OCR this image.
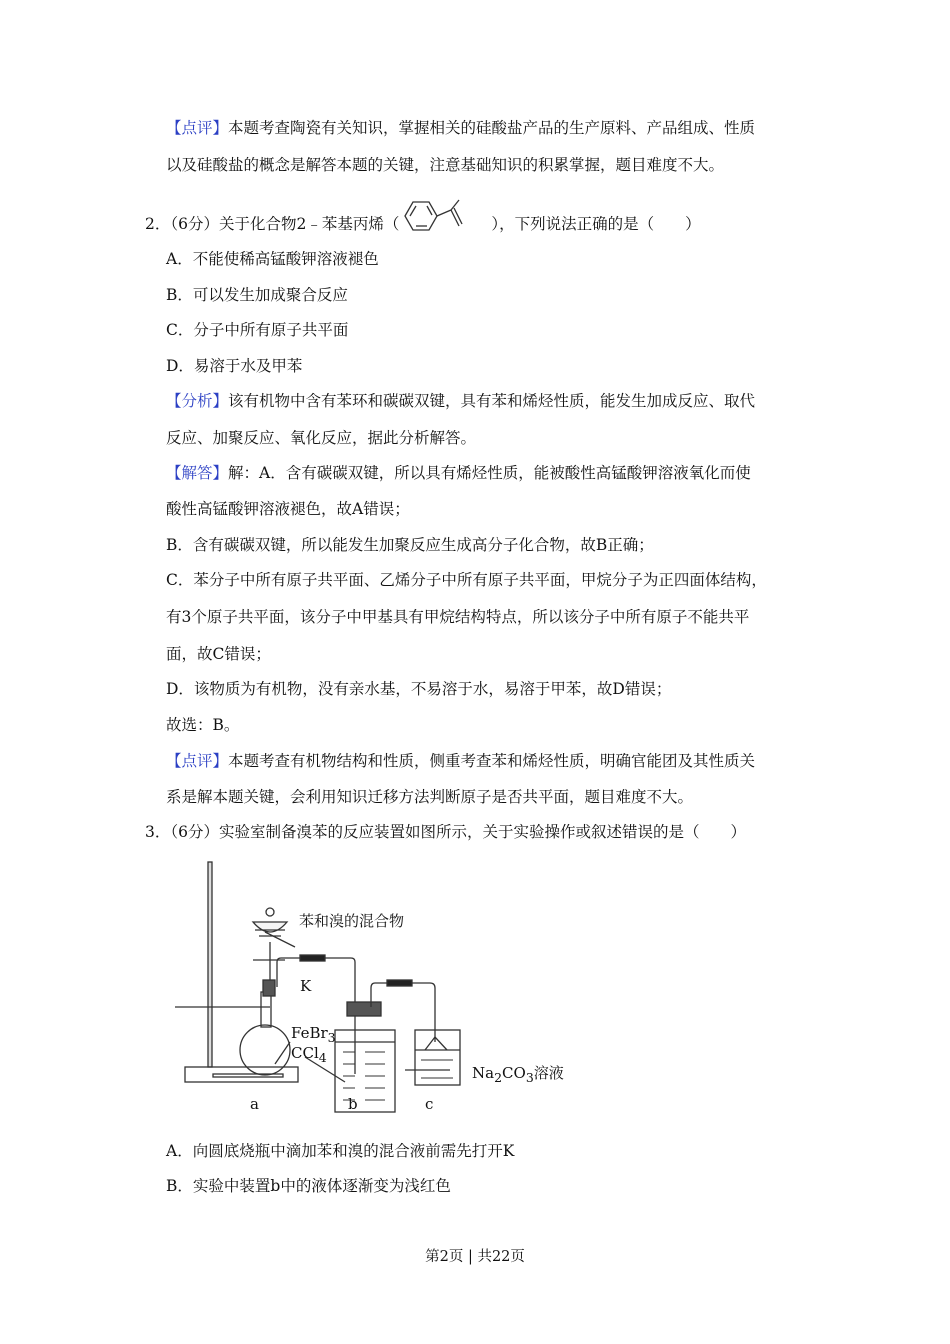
【点评】本题考查陶瓷有关知识，掌握相关的硅酸盐产品的生产原料、产品组成、性质
以及硅酸盐的概念是解答本题的关键，注意基础知识的积累掌握，题目难度不大。
2．（6分）关于化合物2﹣苯基丙烯（	），下列说法正确的是（　　）
A．不能使稀高锰酸钾溶液褪色
B．可以发生加成聚合反应
C．分子中所有原子共平面
D．易溶于水及甲苯
【分析】该有机物中含有苯环和碳碳双键，具有苯和烯烃性质，能发生加成反应、取代
反应、加聚反应、氧化反应，据此分析解答。
【解答】解：A．含有碳碳双键，所以具有烯烃性质，能被酸性高锰酸钾溶液氧化而使
酸性高锰酸钾溶液褪色，故A错误；
B．含有碳碳双键，所以能发生加聚反应生成高分子化合物，故B正确；
C．苯分子中所有原子共平面、乙烯分子中所有原子共平面，甲烷分子为正四面体结构，
有3个原子共平面，该分子中甲基具有甲烷结构特点，所以该分子中所有原子不能共平
面，故C错误；
D．该物质为有机物，没有亲水基，不易溶于水，易溶于甲苯，故D错误；
故选：B。
【点评】本题考查有机物结构和性质，侧重考查苯和烯烃性质，明确官能团及其性质关
系是解本题关键，会利用知识迁移方法判断原子是否共平面，题目难度不大。
3．（6分）实验室制备溴苯的反应装置如图所示，关于实验操作或叙述错误的是（　　）
苯和溴的混合物
K
FeBr$_3$
CCl$_4$
$Na_2CO_3$溶液
a	b	c
A．向圆底烧瓶中滴加苯和溴的混合液前需先打开K
B．实验中装置b中的液体逐渐变为浅红色
第2页 | 共22页
